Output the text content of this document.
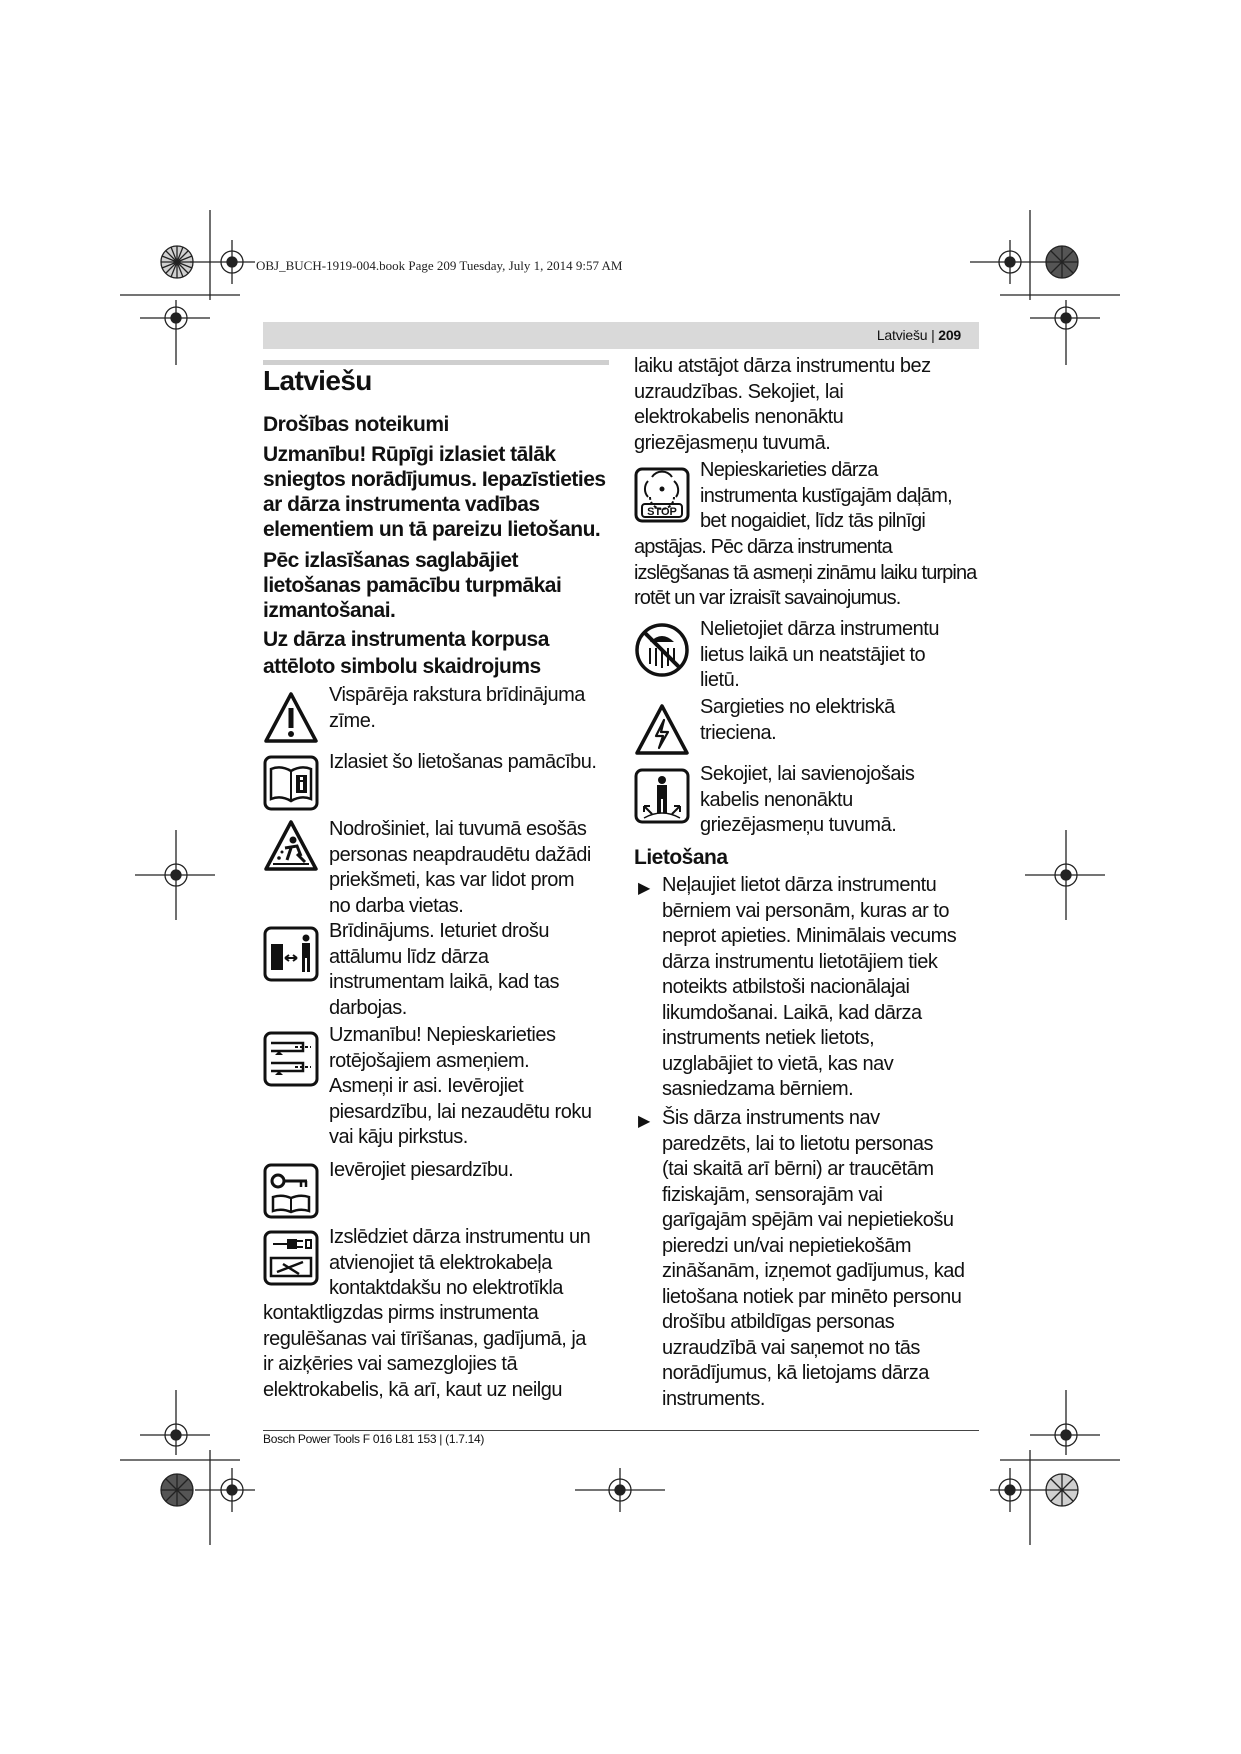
OBJ_BUCH-1919-004.book Page 209 Tuesday, July 1, 2014 9:57 AM
Latviešu | 209
Latviešu
Drošības noteikumi
Uzmanību! Rūpīgi izlasiet tālāk
sniegtos norādījumus. Iepazīstieties
ar dārza instrumenta vadības
elementiem un tā pareizu lietošanu.
Pēc izlasīšanas saglabājiet
lietošanas pamācību turpmākai
izmantošanai.
Uz dārza instrumenta korpusa
attēloto simbolu skaidrojums
Vispārēja rakstura brīdinājuma
zīme.
Izlasiet šo lietošanas pamācību.
Nodrošiniet, lai tuvumā esošās
personas neapdraudētu dažādi
priekšmeti, kas var lidot prom
no darba vietas.
Brīdinājums. Ieturiet drošu
attālumu līdz dārza
instrumentam laikā, kad tas
darbojas.
Uzmanību! Nepieskarieties
rotējošajiem asmeņiem.
Asmeņi ir asi. Ievērojiet
piesardzību, lai nezaudētu roku
vai kāju pirkstus.
Ievērojiet piesardzību.
Izslēdziet dārza instrumentu un
atvienojiet tā elektrokabeļa
kontaktdakšu no elektrotīkla
kontaktligzdas pirms instrumenta
regulēšanas vai tīrīšanas, gadījumā, ja
ir aizķēries vai samezglojies tā
elektrokabelis, kā arī, kaut uz neilgu
laiku atstājot dārza instrumentu bez
uzraudzības. Sekojiet, lai
elektrokabelis nenonāktu
griezējasmeņu tuvumā.
STOP
Nepieskarieties dārza
instrumenta kustīgajām daļām,
bet nogaidiet, līdz tās pilnīgi
apstājas. Pēc dārza instrumenta
izslēgšanas tā asmeņi zināmu laiku turpina
rotēt un var izraisīt savainojumus.
Nelietojiet dārza instrumentu
lietus laikā un neatstājiet to
lietū.
Sargieties no elektriskā
trieciena.
Sekojiet, lai savienojošais
kabelis nenonāktu
griezējasmeņu tuvumā.
Lietošana
▶ Neļaujiet lietot dārza instrumentu
bērniem vai personām, kuras ar to
neprot apieties. Minimālais vecums
dārza instrumentu lietotājiem tiek
noteikts atbilstoši nacionālajai
likumdošanai. Laikā, kad dārza
instruments netiek lietots,
uzglabājiet to vietā, kas nav
sasniedzama bērniem.
▶ Šis dārza instruments nav
paredzēts, lai to lietotu personas
(tai skaitā arī bērni) ar traucētām
fiziskajām, sensorajām vai
garīgajām spējām vai nepietiekošu
pieredzi un/vai nepietiekošām
zināšanām, izņemot gadījumus, kad
lietošana notiek par minēto personu
drošību atbildīgas personas
uzraudzībā vai saņemot no tās
norādījumus, kā lietojams dārza
instruments.
Bosch Power Tools F 016 L81 153 | (1.7.14)
